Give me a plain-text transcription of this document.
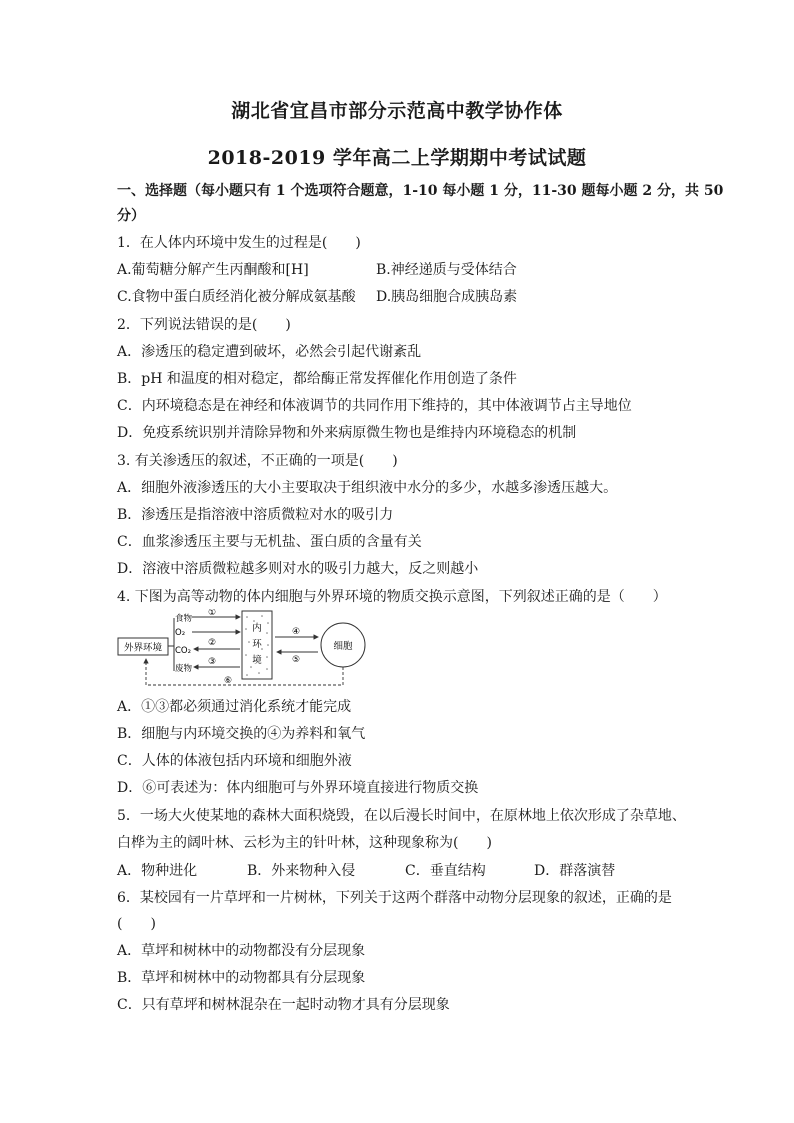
湖北省宜昌市部分示范高中教学协作体
2018-2019 学年高二上学期期中考试试题
一、选择题（每小题只有 1 个选项符合题意，1-10 每小题 1 分，11-30 题每小题 2 分，共 50
分）
1．在人体内环境中发生的过程是(　　)
A.葡萄糖分解产生丙酮酸和[H]	B.神经递质与受体结合
C.食物中蛋白质经消化被分解成氨基酸 D.胰岛细胞合成胰岛素
2．下列说法错误的是(　　)
A．渗透压的稳定遭到破坏，必然会引起代谢紊乱
B．pH 和温度的相对稳定，都给酶正常发挥催化作用创造了条件
C．内环境稳态是在神经和体液调节的共同作用下维持的，其中体液调节占主导地位
D．免疫系统识别并清除异物和外来病原微生物也是维持内环境稳态的机制
3. 有关渗透压的叙述，不正确的一项是(　　)
A．细胞外液渗透压的大小主要取决于组织液中水分的多少，水越多渗透压越大。
B．渗透压是指溶液中溶质微粒对水的吸引力
C．血浆渗透压主要与无机盐、蛋白质的含量有关
D．溶液中溶质微粒越多则对水的吸引力越大，反之则越小
4. 下图为高等动物的体内细胞与外界环境的物质交换示意图，下列叙述正确的是（　　）
外界环境
食物
O₂
CO₂
废物
①
②
③
内
环
境
④
⑤
细胞
⑥
A．①③都必须通过消化系统才能完成
B．细胞与内环境交换的④为养料和氧气
C．人体的体液包括内环境和细胞外液
D．⑥可表述为：体内细胞可与外界环境直接进行物质交换
5．一场大火使某地的森林大面积烧毁，在以后漫长时间中，在原林地上依次形成了杂草地、
白桦为主的阔叶林、云杉为主的针叶林，这种现象称为(　　)
A．物种进化	B．外来物种入侵	C．垂直结构	D．群落演替
6．某校园有一片草坪和一片树林，下列关于这两个群落中动物分层现象的叙述，正确的是
(　　)
A．草坪和树林中的动物都没有分层现象
B．草坪和树林中的动物都具有分层现象
C．只有草坪和树林混杂在一起时动物才具有分层现象
